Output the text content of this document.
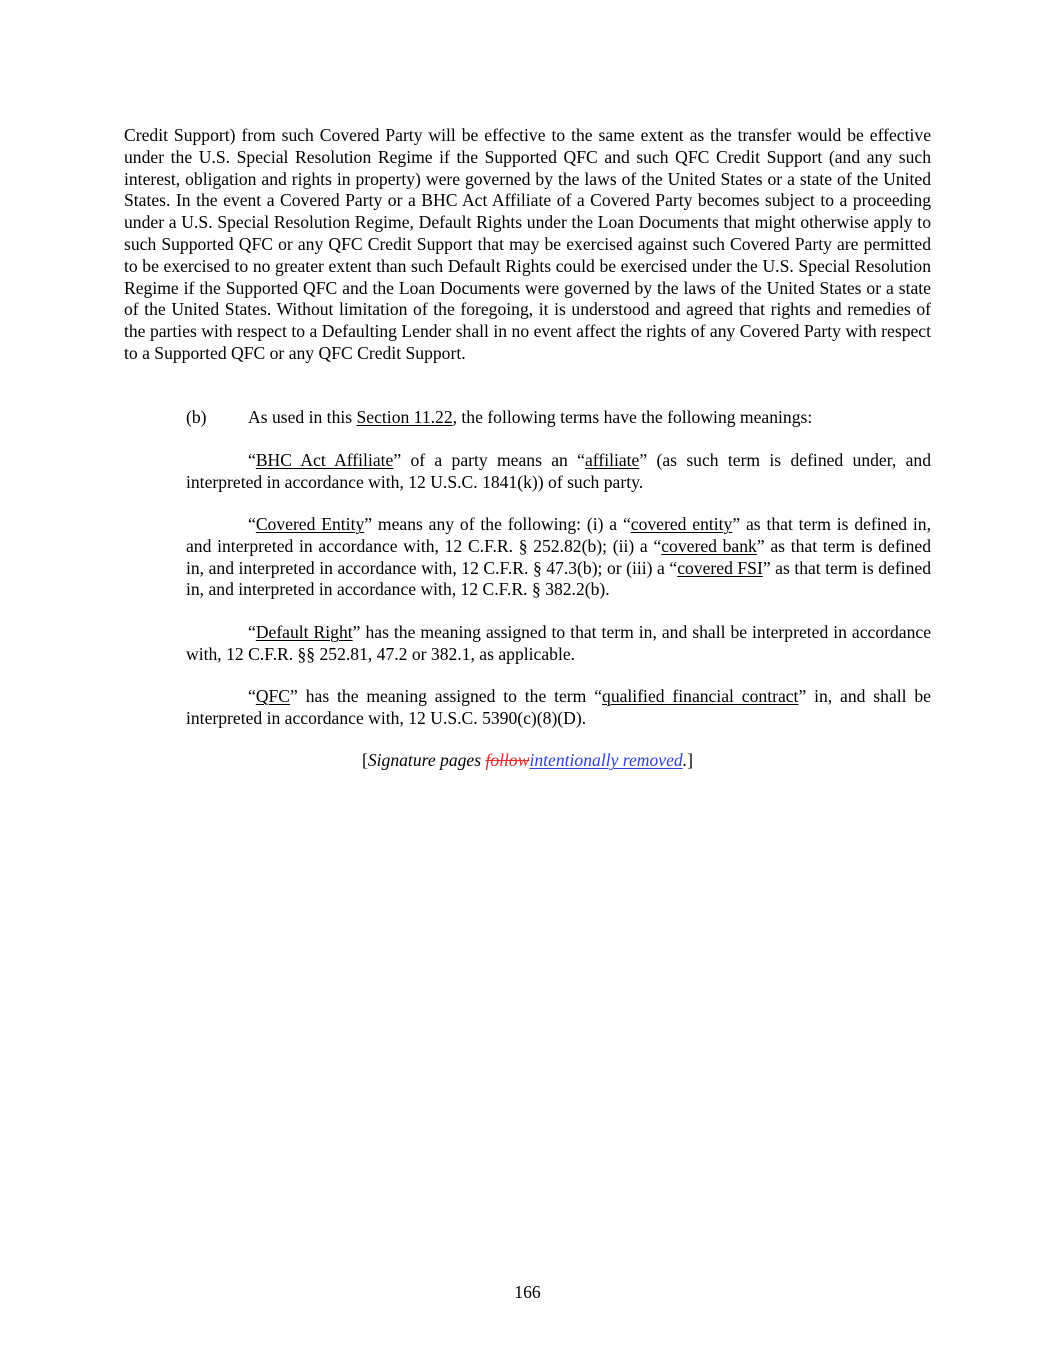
Credit Support) from such Covered Party will be effective to the same extent as the transfer would be effective under the U.S. Special Resolution Regime if the Supported QFC and such QFC Credit Support (and any such interest, obligation and rights in property) were governed by the laws of the United States or a state of the United States. In the event a Covered Party or a BHC Act Affiliate of a Covered Party becomes subject to a proceeding under a U.S. Special Resolution Regime, Default Rights under the Loan Documents that might otherwise apply to such Supported QFC or any QFC Credit Support that may be exercised against such Covered Party are permitted to be exercised to no greater extent than such Default Rights could be exercised under the U.S. Special Resolution Regime if the Supported QFC and the Loan Documents were governed by the laws of the United States or a state of the United States. Without limitation of the foregoing, it is understood and agreed that rights and remedies of the parties with respect to a Defaulting Lender shall in no event affect the rights of any Covered Party with respect to a Supported QFC or any QFC Credit Support.

(b) As used in this Section 11.22, the following terms have the following meanings:

“BHC Act Affiliate” of a party means an “affiliate” (as such term is defined under, and interpreted in accordance with, 12 U.S.C. 1841(k)) of such party.

“Covered Entity” means any of the following: (i) a “covered entity” as that term is defined in, and interpreted in accordance with, 12 C.F.R. § 252.82(b); (ii) a “covered bank” as that term is defined in, and interpreted in accordance with, 12 C.F.R. § 47.3(b); or (iii) a “covered FSI” as that term is defined in, and interpreted in accordance with, 12 C.F.R. § 382.2(b).

“Default Right” has the meaning assigned to that term in, and shall be interpreted in accordance with, 12 C.F.R. §§ 252.81, 47.2 or 382.1, as applicable.

“QFC” has the meaning assigned to the term “qualified financial contract” in, and shall be interpreted in accordance with, 12 U.S.C. 5390(c)(8)(D).

[Signature pages followintentionally removed.]
166
